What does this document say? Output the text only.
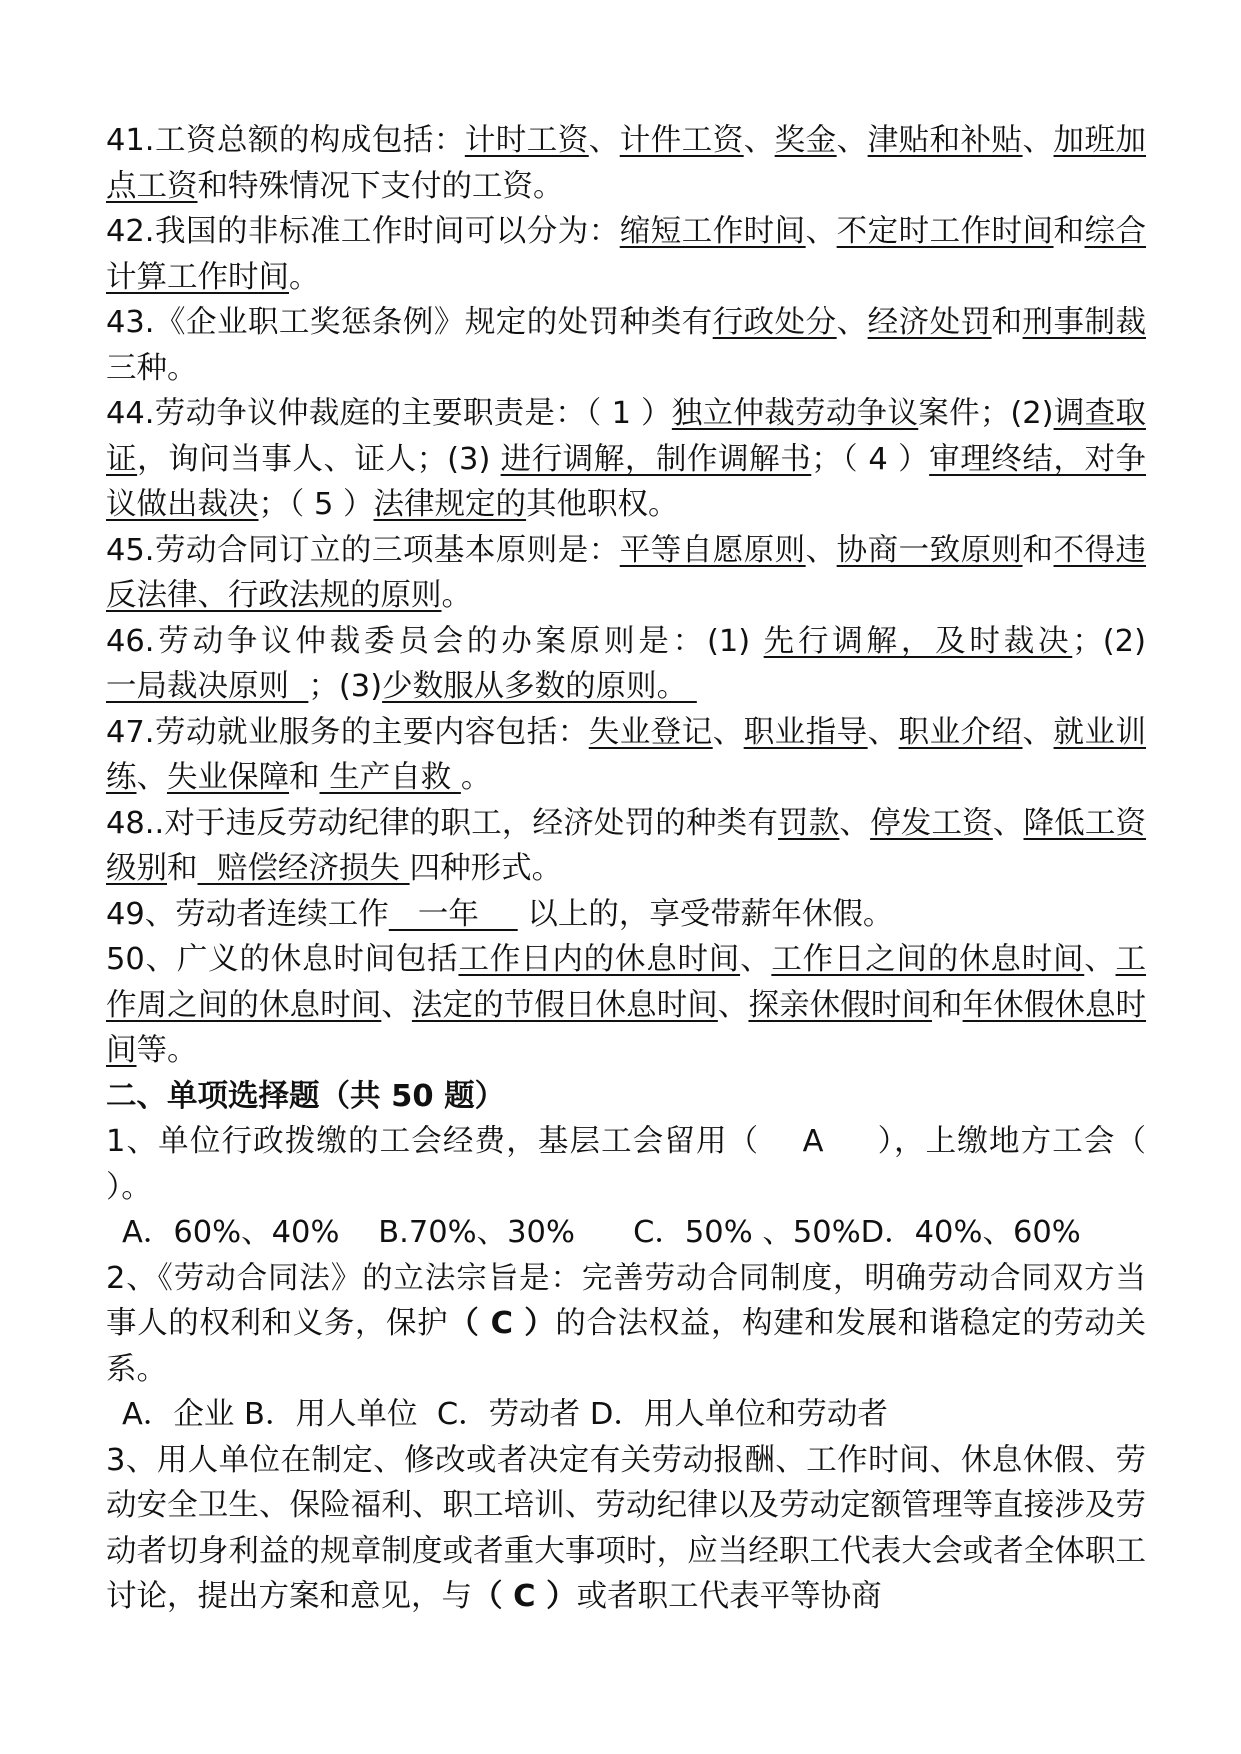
41.工资总额的构成包括：计时工资、计件工资、奖金、津贴和补贴、加班加点工资和特殊情况下支付的工资。

42.我国的非标准工作时间可以分为：缩短工作时间、不定时工作时间和综合计算工作时间。

43.《企业职工奖惩条例》规定的处罚种类有行政处分、经济处罚和刑事制裁三种。

44.劳动争议仲裁庭的主要职责是：（ 1 ）独立仲裁劳动争议案件；(2)调查取证，询问当事人、证人；(3) 进行调解，制作调解书；（ 4 ）审理终结，对争议做出裁决；（ 5 ）法律规定的其他职权。

45.劳动合同订立的三项基本原则是：平等自愿原则、协商一致原则和不得违反法律、行政法规的原则。

46.劳动争议仲裁委员会的办案原则是：(1) 先行调解，及时裁决；(2)一局裁决原则  ；(3)少数服从多数的原则。

47.劳动就业服务的主要内容包括：失业登记、职业指导、职业介绍、就业训练、失业保障和 生产自救 。

48..对于违反劳动纪律的职工，经济处罚的种类有罚款、停发工资、降低工资级别和  赔偿经济损失 四种形式。

49、劳动者连续工作   一年     以上的，享受带薪年休假。

50、广义的休息时间包括工作日内的休息时间、工作日之间的休息时间、工作周之间的休息时间、法定的节假日休息时间、探亲休假时间和年休假休息时间等。

二、单项选择题（共 50 题）

1、单位行政拨缴的工会经费，基层工会留用（    A     ），上缴地方工会（      ）。

A．60%、40%    B.70%、30%      C．50% 、50%D．40%、60%

2、《劳动合同法》的立法宗旨是：完善劳动合同制度，明确劳动合同双方当事人的权利和义务，保护（ C ）的合法权益，构建和发展和谐稳定的劳动关系。

A．企业 B．用人单位  C．劳动者 D．用人单位和劳动者

3、用人单位在制定、修改或者决定有关劳动报酬、工作时间、休息休假、劳动安全卫生、保险福利、职工培训、劳动纪律以及劳动定额管理等直接涉及劳动者切身利益的规章制度或者重大事项时，应当经职工代表大会或者全体职工讨论，提出方案和意见，与（ C ）或者职工代表平等协商
